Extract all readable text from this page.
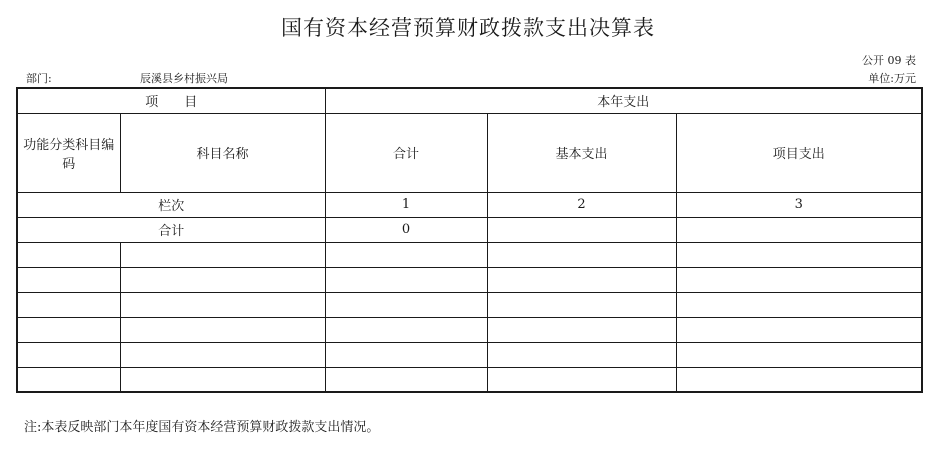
国有资本经营预算财政拨款支出决算表
公开 09 表
部门:	辰溪县乡村振兴局	单位:万元
项　　目		本年支出		
功能分类科目编码	科目名称	合计	基本支出	项目支出
栏次		1	2	3
合计		0		

注:本表反映部门本年度国有资本经营预算财政拨款支出情况。
